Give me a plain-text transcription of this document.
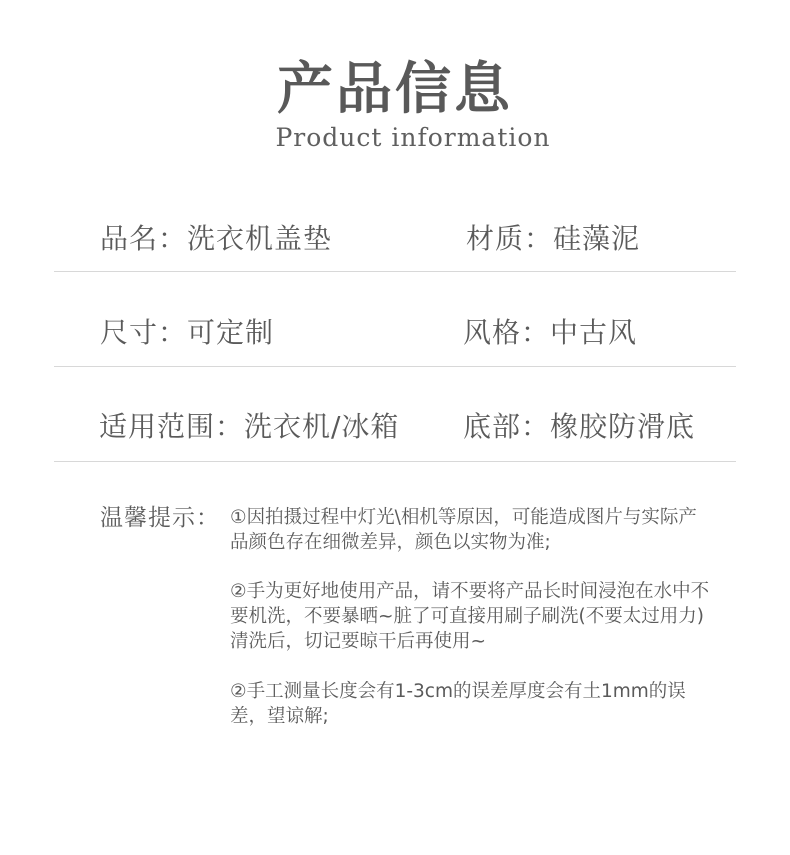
产品信息
Product information
品名：洗衣机盖垫	材质：硅藻泥
尺寸：可定制	风格：中古风
适用范围：洗衣机/冰箱 底部：橡胶防滑底
温馨提示： ①因拍摄过程中灯光\相机等原因，可能造成图片与实际产品颜色存在细微差异，颜色以实物为准;
②手为更好地使用产品，请不要将产品长时间浸泡在水中不要机洗，不要暴晒~脏了可直接用刷子刷洗(不要太过用力)清洗后，切记要晾干后再使用~
②手工测量长度会有1-3cm的误差厚度会有土1mm的误差，望谅解;
